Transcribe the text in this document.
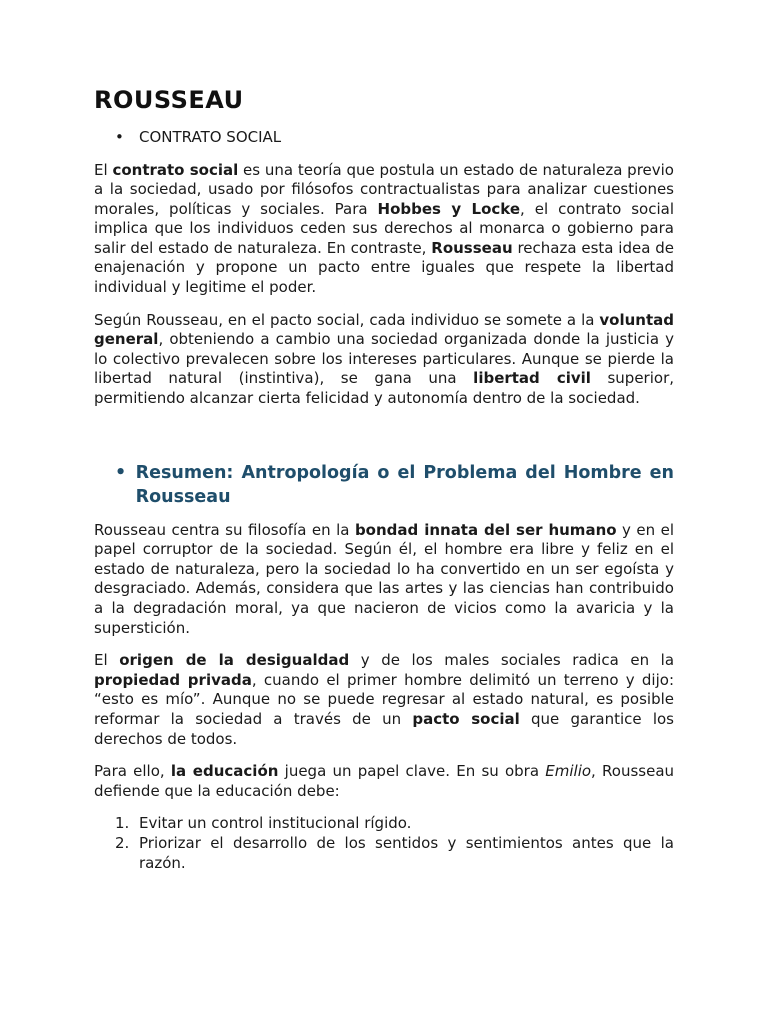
ROUSSEAU
•	CONTRATO SOCIAL

El contrato social es una teoría que postula un estado de naturaleza previo a la sociedad, usado por filósofos contractualistas para analizar cuestiones morales, políticas y sociales. Para Hobbes y Locke, el contrato social implica que los individuos ceden sus derechos al monarca o gobierno para salir del estado de naturaleza. En contraste, Rousseau rechaza esta idea de enajenación y propone un pacto entre iguales que respete la libertad individual y legitime el poder.

Según Rousseau, en el pacto social, cada individuo se somete a la voluntad general, obteniendo a cambio una sociedad organizada donde la justicia y lo colectivo prevalecen sobre los intereses particulares. Aunque se pierde la libertad natural (instintiva), se gana una libertad civil superior, permitiendo alcanzar cierta felicidad y autonomía dentro de la sociedad.

• Resumen: Antropología o el Problema del Hombre en Rousseau

Rousseau centra su filosofía en la bondad innata del ser humano y en el papel corruptor de la sociedad. Según él, el hombre era libre y feliz en el estado de naturaleza, pero la sociedad lo ha convertido en un ser egoísta y desgraciado. Además, considera que las artes y las ciencias han contribuido a la degradación moral, ya que nacieron de vicios como la avaricia y la superstición.

El origen de la desigualdad y de los males sociales radica en la propiedad privada, cuando el primer hombre delimitó un terreno y dijo: “esto es mío”. Aunque no se puede regresar al estado natural, es posible reformar la sociedad a través de un pacto social que garantice los derechos de todos.

Para ello, la educación juega un papel clave. En su obra Emilio, Rousseau defiende que la educación debe:

1. Evitar un control institucional rígido.
2. Priorizar el desarrollo de los sentidos y sentimientos antes que la razón.
